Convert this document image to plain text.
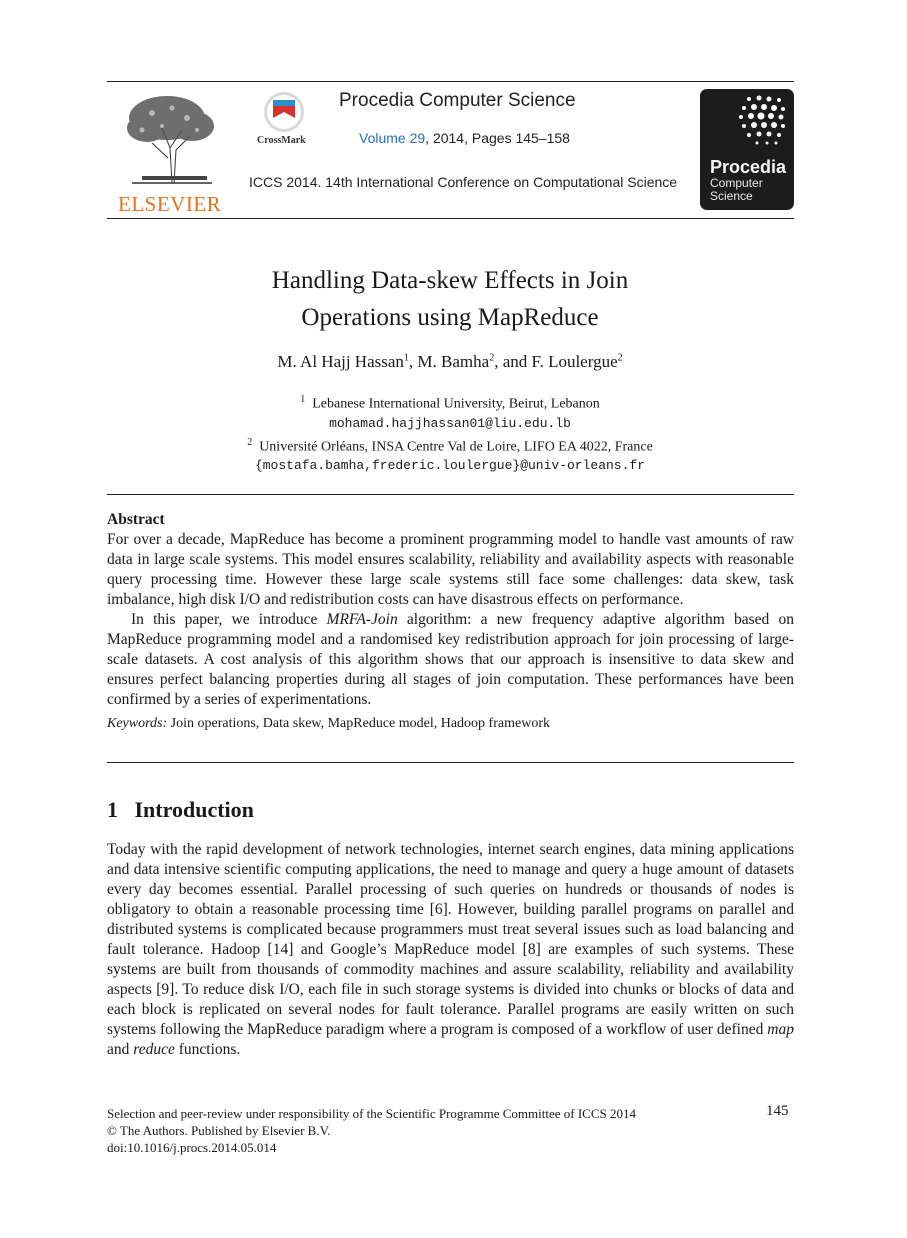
ELSEVIER
CrossMark
Procedia Computer Science
Volume 29, 2014, Pages 145–158
ICCS 2014. 14th International Conference on Computational Science
Procedia
Computer
Science
Handling Data-skew Effects in Join
Operations using MapReduce
M. Al Hajj Hassan$^1$, M. Bamha$^2$, and F. Loulergue$^2$
$^1$ Lebanese International University, Beirut, Lebanon
mohamad.hajjhassan01@liu.edu.lb
$^2$ Université Orléans, INSA Centre Val de Loire, LIFO EA 4022, France
{mostafa.bamha,frederic.loulergue}@univ-orleans.fr
Abstract
For over a decade, MapReduce has become a prominent programming model to handle vast amounts of raw data in large scale systems. This model ensures scalability, reliability and availability aspects with reasonable query processing time. However these large scale systems still face some challenges: data skew, task imbalance, high disk I/O and redistribution costs can have disastrous effects on performance.
In this paper, we introduce MRFA-Join algorithm: a new frequency adaptive algorithm based on MapReduce programming model and a randomised key redistribution approach for join processing of large-scale datasets. A cost analysis of this algorithm shows that our approach is insensitive to data skew and ensures perfect balancing properties during all stages of join computation. These performances have been confirmed by a series of experimentations.
Keywords: Join operations, Data skew, MapReduce model, Hadoop framework
1 Introduction
Today with the rapid development of network technologies, internet search engines, data mining applications and data intensive scientific computing applications, the need to manage and query a huge amount of datasets every day becomes essential. Parallel processing of such queries on hundreds or thousands of nodes is obligatory to obtain a reasonable processing time [6]. However, building parallel programs on parallel and distributed systems is complicated because programmers must treat several issues such as load balancing and fault tolerance. Hadoop [14] and Google’s MapReduce model [8] are examples of such systems. These systems are built from thousands of commodity machines and assure scalability, reliability and availability aspects [9]. To reduce disk I/O, each file in such storage systems is divided into chunks or blocks of data and each block is replicated on several nodes for fault tolerance. Parallel programs are easily written on such systems following the MapReduce paradigm where a program is composed of a workflow of user defined map and reduce functions.
Selection and peer-review under responsibility of the Scientific Programme Committee of ICCS 2014
© The Authors. Published by Elsevier B.V.
doi:10.1016/j.procs.2014.05.014
145
